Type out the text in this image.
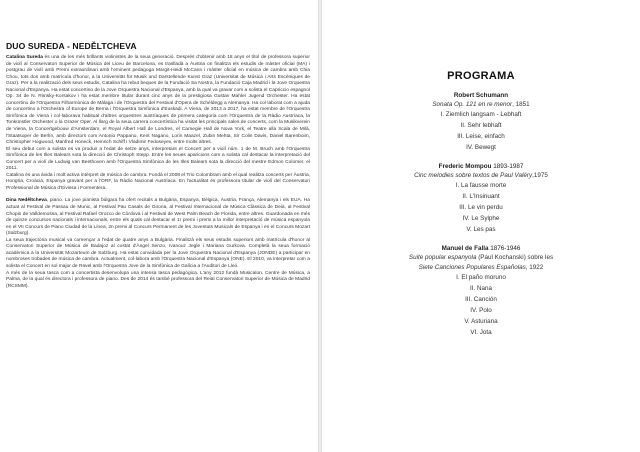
DUO SUREDA - NEDĚLTCHEVA

Catalina Sureda és una de les més brillants violinistes de la seua generació. Després d'obtenir amb 18 anys el títol de professora superior de violí al Conservatori Superior de Música del Liceu de Barcelona, es traslladà a Àustria on finalitza els estudis de màster oficial (MA) i postgrau de violí amb Premi extraordinari amb l'eminent pedagoga Margit-Heidi McCann i màster oficial en música de cambra amb Chia Chou, tots dos amb matrícula d'honor, a la Universität für Musik und Darstellende Kunst Graz (Universitat de Música i Arts Escèniques de Graz). Per a la realització dels seus estudis, Catalina ha rebut beques de la Fundació Sa Nostra, la Fundació Caja Madrid i la Jove Orquestra Nacional d'Espanya. Ha estat concertino de la Jove Orquestra Nacional d'Espanya, amb la qual va gravar com a solista el Capriccio espagnol Op. 34 de N. Rimsky-Korsakov i ha estat membre titular durant cinc anys de la prestigiosa Gustav Mahler Jugend Orchester. Ha estat concertino de l'Orquestra Filharmònica de Màlaga i de l'Orquestra del Festival d'Opera de Schéldegg a Alemanya. Ha col·laborat com a ajuda de concertino a l'Orchestra of Europe de Berna i l'Orquestra Simfònica d'Euskadi. A Viena, de 2013 a 2017, ha estat membre de l'Orquestra Simfònica de Viena i col·laborava habitual d'altres orquestres austríaques de primera categoria com l'Orquestra de la Ràdio Austríaca, la Tonkünstler Orchester o la Grazer Oper. Al llarg de la seua carrera concertística ha visitat les principals sales de concerts, com la Musikverein de Viena, la Concertgebouw d'Amsterdam, el Royal Albert Hall de Londres, el Carnegie Hall de Nova York, el Teatre alla Scala de Milà, l'Staatsoper de Berlín, amb directors com Antonio Pappano, Kent Nagano, Lorin Maazel, Zubin Mehta, Sir Colin Davis, Daniel Barenboim, Christopher Hogwood, Manfred Honeck, Heinrich Schiff i Vladimir Fedoseyev, entre molts altres.

El seu debut com a solista es va produir a l'edat de setze anys, interpretant el Concert per a violí núm. 1 de M. Bruch amb l'Orquestra Simfònica de les Illes Balears sota la direcció de Christoph Stepp. Entre les seues aparicions com a solista cal destacar la interpretació del Concert per a violí de Ludwig van Beethoven amb l'Orquestra Simfònica de les Illes Balears sota la direcció del mestre Edmon Colomer, el 2011.

Catalina és una àvida i molt activa intèrpret de música de cambra. Fundà el 2008 el Trio Colombram amb el qual realitza concerts per Àustria, Hongria, Croàcia, Espanya gravant per a l'ORF, la Ràdio Nacional Austríaca. En l'actualitat és professora titular de violí del Conservatori Professional de Música d'Eivissa i Formentera.

Dina Neděltcheva, piano. La jove pianista búlgara ha ofert recitals a Bulgària, Espanya, Bèlgica, Àustria, França, Alemanya i els EUA. Ha actuat al Festival de Passau de Munic, al Festival Pau Casals de Girona, al Festival Internacional de Música Clàssica de Deià, al Festival Chopin de Valldemossa, al Festival Rafael Orozco de Còrdova i al Festival de West Palm Beach de Florida, entre altres. Guardonada en més de quinze concursos nacionals i internacionals, entre els quals cal destacar el 1r premi i premi a la millor interpretació de música espanyola en el VII Concurs de Piano Ciudad de la Línea, 2n premi al Concurs Permanent de les Joventuts Musicals de Espanya i en el Concurs Mozart (Salzburg).

La seua trajectòria musical va començar a l'edat de quatre anys a Bulgària. Finalitzà els seus estudis superiors amb matrícula d'honor al Conservatori Superior de Música de Badajoz al costat d'Àngel Senzo, Ivanouz Jegle i Mariana Gurkova. Completà la seua formació acadèmica a la Universität Mozarteum de Salzburg. Ha estat convidada per la Jove Orquestra Nacional d'Espanya (JONDE) a participar en nombroses trobades de música de cambra. Actualment, col·labora amb l'Orquestra Nacional d'Espanya (ONE). El 2010, va interpretar com a solista el Concert en sol major de Ravel amb l'Orquestra Jove de la Simfònica de Galícia a l'Auditori de Lleó.

A més de la seua tasca com a concertista desenvolupa una intensa tasca pedagògica. L'any 2012 fundà Musicalon, Centre de Música, a Palma, de la qual és directora i professora de piano. Des de 2014 és també professora del Reial Conservatori Superior de Música de Madrid (RCSMM).

PROGRAMA
Robert Schumann
Sonata Op. 121 en re menor, 1851
I. Ziemlich langsam - Lebhaft
II. Sehr lebhaft
III. Leise, einfach
IV. Bewegt
Frederic Mompou 1893-1987
Cinc melodies sobre textos de Paul Valéry,1975
I. La fausse morte
II. L'Insinuant
III. Le vin perdu
IV. Le Sylphe
V. Les pas
Manuel de Falla 1876-1946
Suite popular espanyola (Paul Kochanski) sobre les
Siete Canciones Populares Españolas, 1922
I. El paño moruno
II. Nana
III. Canción
IV. Polo
V. Asturiana
VI. Jota
